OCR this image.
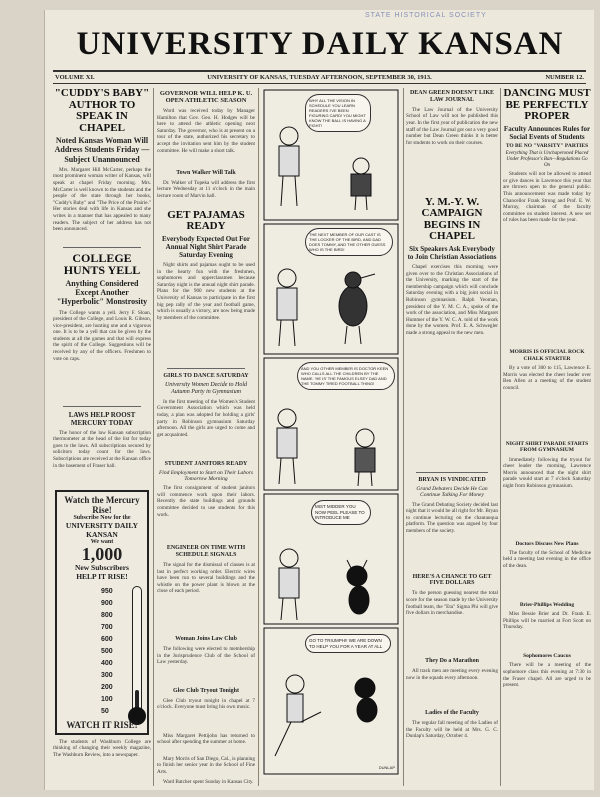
STATE HISTORICAL SOCIETY
UNIVERSITY DAILY KANSAN
VOLUME XI.	UNIVERSITY OF KANSAS, TUESDAY AFTERNOON, SEPTEMBER 30, 1913.	NUMBER 12.
"CUDDY'S BABY" AUTHOR TO SPEAK IN CHAPEL
Noted Kansas Woman Will Address Students Friday —Subject Unannounced

Mrs. Margaret Hill McCarter, perhaps the most prominent woman writer of Kansas, will speak at chapel Friday morning. Mrs. McCarter is well known to the students and the people of the state through her books, "Cuddy's Baby" and "The Price of the Prairie." Her stories deal with life in Kansas and she writes in a manner that has appealed to many readers. The subject of her address has not been announced.

COLLEGE HUNTS YELL
Anything Considered Except Another "Hyperbolic" Monstrosity

The College wants a yell. Jerry F. Sloan, president of the College, and Louis R. Gibson, vice-president, are hunting one and a vigorous one. It is to be a yell that can be given by the students at all the games and that will express the spirit of the College. Suggestions will be received by any of the officers. Freshmen to vote on caps.

LAWS HELP ROOST MERCURY TODAY

The honor of the law Kansan subscription thermometer at the head of the list for today goes to the laws. All subscriptions secured by solicitors today count for the laws. Subscriptions are received at the Kansan office in the basement of Fraser hall.

Watch the Mercury Rise!
Subscribe Now for the
UNIVERSITY DAILY KANSAN
We want
1,000
New Subscribers
HELP IT RISE!
950
900
800
700
600
500
400
300
200
100
50
WATCH IT RISE!

The students of Washburn College are thinking of changing their weekly magazine, The Washburn Review, into a newspaper.

GOVERNOR WILL HELP K. U. OPEN ATHLETIC SEASON

Word was received today by Manager Hamilton that Gov. Geo. H. Hodges will be here to attend the athletic opening next Saturday. The governor, who is at present on a tour of the state, authorized his secretary to accept the invitation sent him by the student committee. He will make a short talk.

Town Walker Will Talk

Dr. Walker of Topeka will address the first lecture Wednesday at 11 o'clock in the main lecture room of Marvin hall.

GET PAJAMAS READY
Everybody Expected Out For Annual Night Shirt Parade Saturday Evening

Night shirts and pajamas ought to be used in the hearty fun with the freshmen, sophomores and upperclassmen because Saturday night is the annual night shirt parade. Plans for the 900 new students at the University of Kansas to participate in the first big pep rally of the year and football game, which is usually a victory, are now being made by members of the committee.

GIRLS TO DANCE SATURDAY
University Women Decide to Hold Autumn Party in Gymnasium

In the first meeting of the Women's Student Government Association which was held today, a plan was adopted for holding a girls' party in Robinson gymnasium Saturday afternoon. All the girls are urged to come and get acquainted.

STUDENT JANITORS READY
Find Employment to Start on Their Labors Tomorrow Morning

The first consignment of student janitors will commence work upon their labors. Recently the state buildings and grounds committee decided to use students for this work.

ENGINEER ON TIME WITH SCHEDULE SIGNALS

The signal for the dismissal of classes is at last in perfect working order. Electric wires have been run to several buildings and the whistle on the power plant is blown at the close of each period.

Woman Joins Law Club

The following were elected to membership in the Jurisprudence Club of the School of Law yesterday.

Glee Club Tryout Tonight

Glee Club tryout tonight in chapel at 7 o'clock. Everyone must bring his own music.

Miss Margaret Pettijohn has returned to school after spending the summer at home.

Mary Morris of San Diego, Cal., is planning to finish her senior year in the School of Fine Arts.

Ward Batcher spent Sunday in Kansas City.

WHY ALL THE VISION IN SCHEDULE YOU LEARN READERS I'VE BEEN FIGURING CARD! YOU MIGHT KNOW THE BALL IS HAVING A FIGHT!
THE NEXT MEMBER OF OUR CAST IS THE LOCKER OF THE BIRD, AND DAD DOES TOMMY, AND THE OTHER GUESS WHO IS THE BIRD!
AND YOU OTHER MEMBER IS DOCTOR KEEN WHO CALLS ALL THE CHILDREN BY THE NAME. 'HE IS' THE FAMOUS ELSEY DAD AND THE TOMMY TIRED FOOTBALL THING!
MIST MIDDER YOU NOW PEEL PLEASE TO INTRODUCE ME
GO TO TRIUMPH!! WE ARE DOWN TO HELP YOU FOR A YEAR AT ALL
DUNLAP
DEAN GREEN DOESN'T LIKE LAW JOURNAL

The Law Journal of the University School of Law will not be published this year. In the first year of publication the new staff of the Law Journal got out a very good number but Dean Green thinks it is better for students to work on their courses.

Y. M.-Y. W. CAMPAIGN BEGINS IN CHAPEL
Six Speakers Ask Everybody to Join Christian Associations

Chapel exercises this morning were given over to the Christian Associations of the University, marking the start of the membership campaign which will conclude Saturday evening with a big joint social in Robinson gymnasium. Ralph Yeoman, president of the Y. M. C. A., spoke of the work of the association, and Miss Margaret Hummer of the Y. W. C. A. told of the work done by the women. Prof. E. A. Schwegler made a strong appeal to the new men.

BRYAN IS VINDICATED
Grand Debaters Decide He Can Continue Talking For Money

The Grand Debating Society decided last night that it would be all right for Mr. Bryan to continue lecturing on the chautauqua platform. The question was argued by four members of the society.

HERE'S A CHANCE TO GET FIVE DOLLARS

To the person guessing nearest the total score for the season made by the University football team, the "Eta" Sigma Phi will give five dollars in merchandise.

They Do a Marathon

All track men are meeting every evening now in the squads every afternoon.

Ladies of the Faculty

The regular fall meeting of the Ladies of the Faculty will be held at Mrs. G. C. Dunlap's Saturday, October 4.

DANCING MUST BE PERFECTLY PROPER
Faculty Announces Rules for Social Events of Students
TO BE NO "VARSITY" PARTIES
Everything That is Unchaperoned Placed Under Professor's Ban—Regulations Go On

Students will not be allowed to attend or give dances in Lawrence this year that are thrown open to the general public. This announcement was made today by Chancellor Frank Strong and Prof. E. W. Murray, chairman of the faculty committee on student interest. A new set of rules has been made for the year.

MORRIS IS OFFICIAL ROCK CHALK STARTER

By a vote of 300 to 115, Lawrence E. Morris was elected the cheer leader over Ben Allen at a meeting of the student council.

NIGHT SHIRT PARADE STARTS FROM GYMNASIUM

Immediately following the tryout for cheer leader the morning, Lawrence Morris announced that the night shirt parade would start at 7 o'clock Saturday night from Robinson gymnasium.

Doctors Discuss New Plans

The faculty of the School of Medicine held a meeting last evening in the office of the dean.

Brier-Phillips Wedding

Miss Bessie Brier and Dr. Frank E. Phillips will be married at Fort Scott on Thursday.

Sophomores Caucus

There will be a meeting of the sophomore class this evening at 7:30 in the Fraser chapel. All are urged to be present.
